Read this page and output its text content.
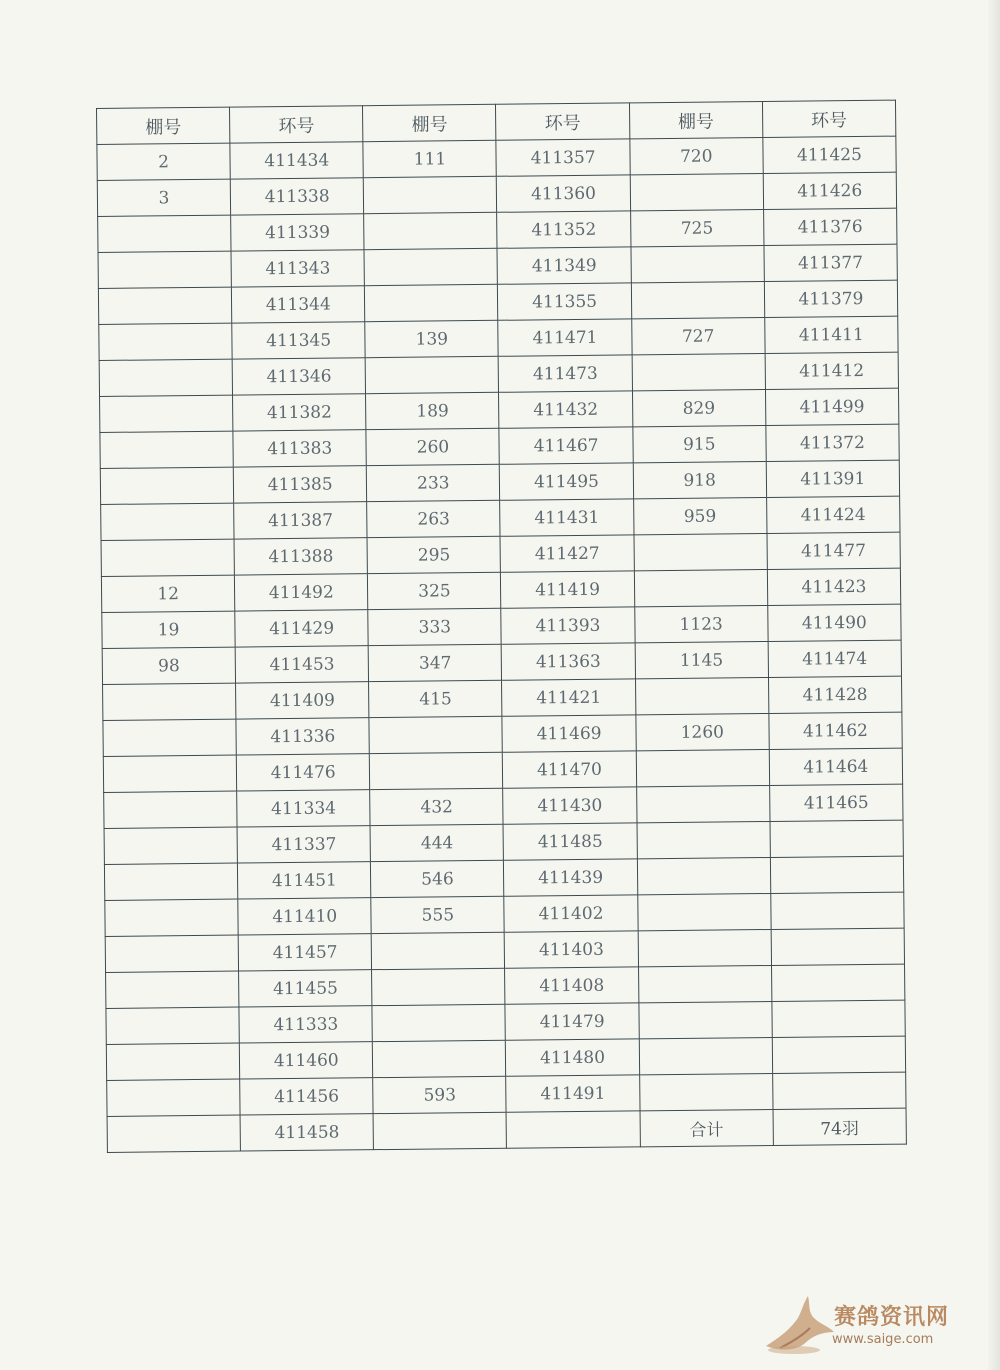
棚号	环号	棚号	环号	棚号	环号
2	411434	111	411357	720	411425
3	411338		411360		411426
	411339		411352	725	411376
	411343		411349		411377
	411344		411355		411379
	411345	139	411471	727	411411
	411346		411473		411412
	411382	189	411432	829	411499
	411383	260	411467	915	411372
	411385	233	411495	918	411391
	411387	263	411431	959	411424
	411388	295	411427		411477
12	411492	325	411419		411423
19	411429	333	411393	1123	411490
98	411453	347	411363	1145	411474
	411409	415	411421		411428
	411336		411469	1260	411462
	411476		411470		411464
	411334	432	411430		411465
	411337	444	411485		
	411451	546	411439		
	411410	555	411402		
	411457		411403		
	411455		411408		
	411333		411479		
	411460		411480		
	411456	593	411491		
	411458			合计	74羽
赛鸽资讯网
www.saige.com
